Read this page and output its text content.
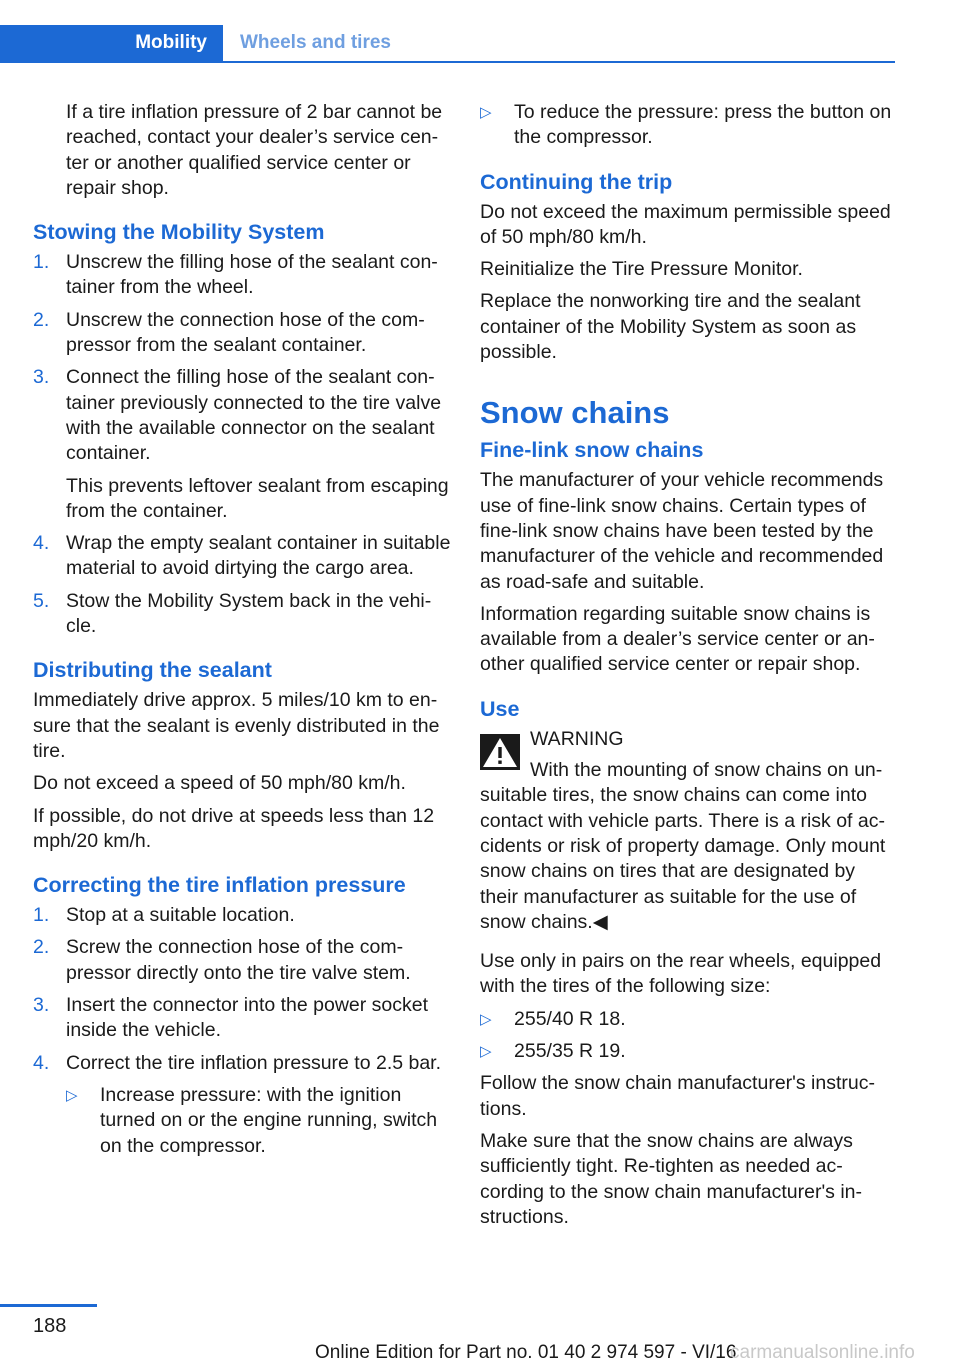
Mobility	Wheels and tires

If a tire inflation pressure of 2 bar cannot be reached, contact your dealer’s service center or another qualified service center or repair shop.

Stowing the Mobility System
1. Unscrew the filling hose of the sealant container from the wheel.
2. Unscrew the connection hose of the compressor from the sealant container.
3. Connect the filling hose of the sealant container previously connected to the tire valve with the available connector on the sealant container.
This prevents leftover sealant from escaping from the container.
4. Wrap the empty sealant container in suitable material to avoid dirtying the cargo area.
5. Stow the Mobility System back in the vehicle.
Distributing the sealant

Immediately drive approx. 5 miles/10 km to ensure that the sealant is evenly distributed in the tire.

Do not exceed a speed of 50 mph/80 km/h.

If possible, do not drive at speeds less than 12 mph/20 km/h.

Correcting the tire inflation pressure
1. Stop at a suitable location.
2. Screw the connection hose of the compressor directly onto the tire valve stem.
3. Insert the connector into the power socket inside the vehicle.
4. Correct the tire inflation pressure to 2.5 bar.
▷ Increase pressure: with the ignition turned on or the engine running, switch on the compressor.
▷ To reduce the pressure: press the button on the compressor.
Continuing the trip

Do not exceed the maximum permissible speed of 50 mph/80 km/h.

Reinitialize the Tire Pressure Monitor.

Replace the nonworking tire and the sealant container of the Mobility System as soon as possible.

Snow chains
Fine-link snow chains

The manufacturer of your vehicle recommends use of fine-link snow chains. Certain types of fine-link snow chains have been tested by the manufacturer of the vehicle and recommended as road-safe and suitable.

Information regarding suitable snow chains is available from a dealer’s service center or another qualified service center or repair shop.

Use
WARNING

With the mounting of snow chains on unsuitable tires, the snow chains can come into contact with vehicle parts. There is a risk of accidents or risk of property damage. Only mount snow chains on tires that are designated by their manufacturer as suitable for the use of snow chains.◀

Use only in pairs on the rear wheels, equipped with the tires of the following size:

▷ 255/40 R 18.
▷ 255/35 R 19.

Follow the snow chain manufacturer's instructions.

Make sure that the snow chains are always sufficiently tight. Re-tighten as needed according to the snow chain manufacturer's instructions.

188
Online Edition for Part no. 01 40 2 974 597 - VI/16
carmanualsonline.info
